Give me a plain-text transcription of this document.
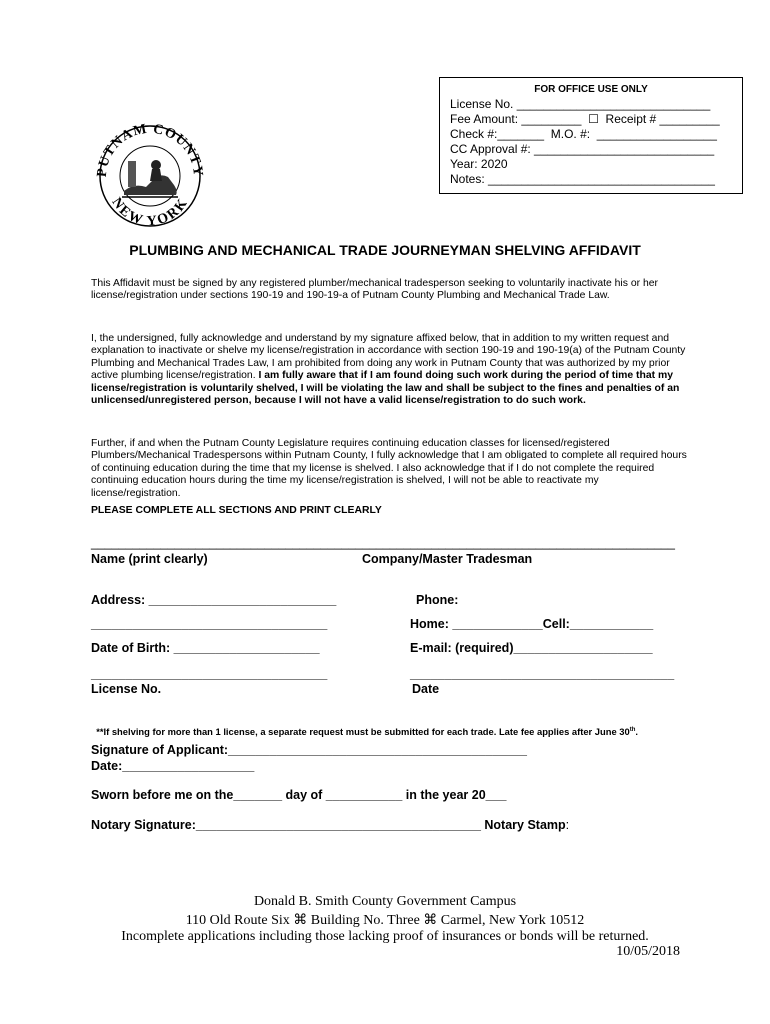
FOR OFFICE USE ONLY
License No. _____________________________
Fee Amount: _________  ☐  Receipt # _________
Check #:_______  M.O. #:  __________________
CC Approval #: ___________________________
Year: 2020
Notes: __________________________________
PUTNAM COUNTY
NEW YORK
PLUMBING AND MECHANICAL TRADE JOURNEYMAN SHELVING AFFIDAVIT
This Affidavit must be signed by any registered plumber/mechanical tradesperson seeking to voluntarily inactivate his or her license/registration under sections 190-19 and 190-19-a of Putnam County Plumbing and Mechanical Trade Law.
I, the undersigned, fully acknowledge and understand by my signature affixed below, that in addition to my written request and explanation to inactivate or shelve my license/registration in accordance with section 190-19 and 190-19(a) of the Putnam County Plumbing and Mechanical Trades Law, I am prohibited from doing any work in Putnam County that was authorized by my prior active plumbing license/registration. I am fully aware that if I am found doing such work during the period of time that my license/registration is voluntarily shelved, I will be violating the law and shall be subject to the fines and penalties of an unlicensed/unregistered person, because I will not have a valid license/registration to do such work.
Further, if and when the Putnam County Legislature requires continuing education classes for licensed/registered Plumbers/Mechanical Tradespersons within Putnam County, I fully acknowledge that I am obligated to complete all required hours of continuing education during the time that my license is shelved. I also acknowledge that if I do not complete the required continuing education hours during the time my license/registration is shelved, I will not be able to reactivate my license/registration.
PLEASE COMPLETE ALL SECTIONS AND PRINT CLEARLY
____________________________________________________________________________________
Name (print clearly)	Company/Master Tradesman
Address: ___________________________	Phone:
__________________________________	Home: _____________Cell:____________
Date of Birth: _____________________	E-mail: (required)____________________
__________________________________	______________________________________
License No.	Date

**If shelving for more than 1 license, a separate request must be submitted for each trade. Late fee applies after June 30th.

Signature of Applicant:___________________________________________
Date:___________________
Sworn before me on the_______ day of ___________ in the year 20___
Notary Signature:_________________________________________ Notary Stamp:
Donald B. Smith County Government Campus
110 Old Route Six ⌘ Building No. Three ⌘ Carmel, New York 10512
Incomplete applications including those lacking proof of insurances or bonds will be returned.
10/05/2018
